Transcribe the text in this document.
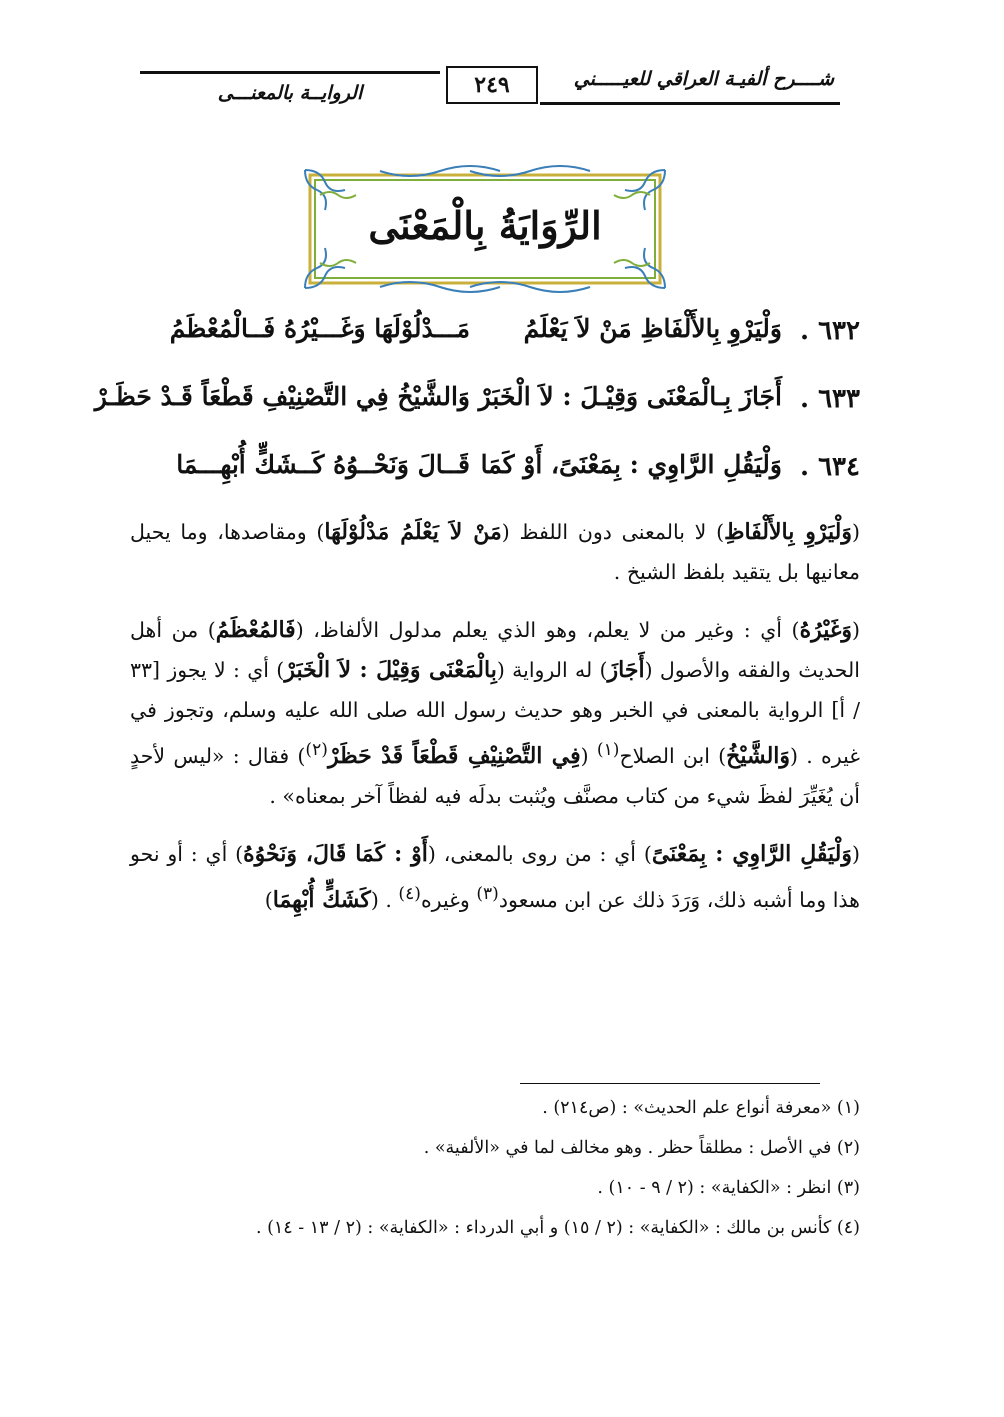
شــــرح ألفيـة العراقي للعيـــــني
٢٤٩
الروايــة بالمعنـــى
الرِّوَايَةُ بِالْمَعْنَى
٦٣٢ .
وَلْيَرْوِ بِالأَلْفَاظِ مَنْ لاَ يَعْلَمُ
مَـــدْلُوْلَهَا وَغَـــيْرُهُ فَــالْمُعْظَمُ
٦٣٣ .
أَجَازَ بِـالْمَعْنَى وَقِيْـلَ : لاَ الْخَبَرْ
وَالشَّيْخُ فِي التَّصْنِيْفِ قَطْعَاً قَـدْ حَظَـرْ
٦٣٤ .
وَلْيَقُلِ الرَّاوِي : بِمَعْنَىً، أَوْ كَمَا
قَــالَ وَنَحْــوُهُ كَــشَكٍّ أُبْهِـــمَا

(وَلْيَرْوِ بِالأَلْفَاظِ) لا بالمعنى دون اللفظ (مَنْ لاَ يَعْلَمُ مَدْلُوْلَهَا) ومقاصدها، وما يحيل معانيها بل يتقيد بلفظ الشيخ .

(وَغَيْرُهُ) أي : وغير من لا يعلم، وهو الذي يعلم مدلول الألفاظ، (فَالمُعْظَمُ) من أهل الحديث والفقه والأصول (أَجَازَ) له الرواية (بِالْمَعْنَى وَقِيْلَ : لاَ الْخَبَرْ) أي : لا يجوز [٣٣ / أ] الرواية بالمعنى في الخبر وهو حديث رسول الله صلى الله عليه وسلم، وتجوز في غيره . (وَالشَّيْخُ) ابن الصلاح$^{(١)}$ (فِي التَّصْنِيْفِ قَطْعَاً قَدْ حَظَرْ$^{(٢)}$) فقال : «ليس لأحدٍ أن يُغَيِّرَ لفظَ شيء من كتاب مصنَّف ويُثبت بدلَه فيه لفظاً آخر بمعناه» .

(وَلْيَقُلِ الرَّاوِي : بِمَعْنَىً) أي : من روى بالمعنى، (أَوْ : كَمَا قَالَ، وَنَحْوُهُ) أي : أو نحو هذا وما أشبه ذلك، وَرَدَ ذلك عن ابن مسعود$^{(٣)}$ وغيره$^{(٤)}$ . (كَشَكٍّ أُبْهِمَا)

(١) «معرفة أنواع علم الحديث» : (ص٢١٤) .

(٢) في الأصل : مطلقاً حظر . وهو مخالف لما في «الألفية» .

(٣) انظر : «الكفاية» : (٢ / ٩ - ١٠) .

(٤) كأنس بن مالك : «الكفاية» : (٢ / ١٥) و أبي الدرداء : «الكفاية» : (٢ / ١٣ - ١٤) .
